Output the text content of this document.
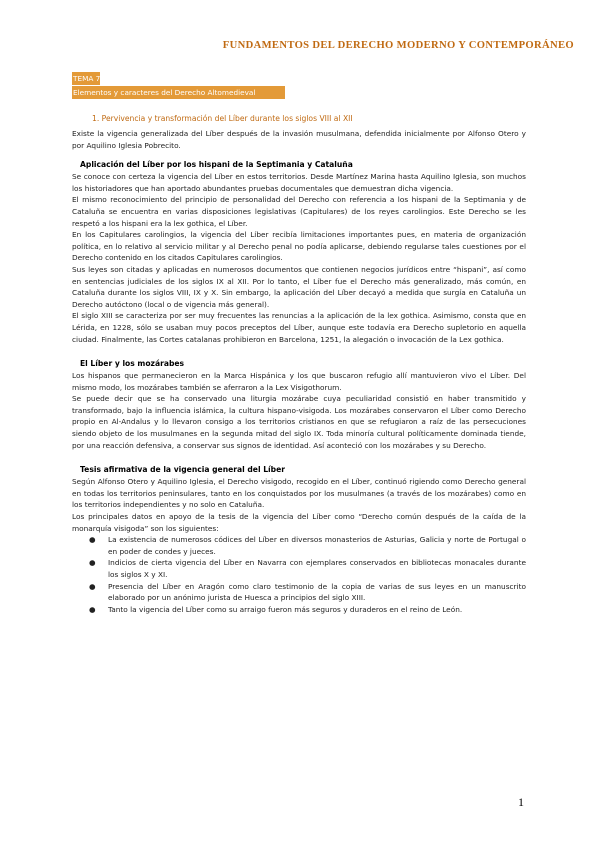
FUNDAMENTOS DEL DERECHO MODERNO Y CONTEMPORÁNEO
TEMA 7
Elementos y caracteres del Derecho Altomedieval
1. Pervivencia y transformación del Líber durante los siglos VIII al XII

Existe la vigencia generalizada del Líber después de la invasión musulmana, defendida inicialmente por Alfonso Otero y por Aquilino Iglesia Pobrecito.

Aplicación del Líber por los hispani de la Septimania y Cataluña

Se conoce con certeza la vigencia del Líber en estos territorios. Desde Martínez Marina hasta Aquilino Iglesia, son muchos los historiadores que han aportado abundantes pruebas documentales que demuestran dicha vigencia.

El mismo reconocimiento del principio de personalidad del Derecho con referencia a los hispani de la Septimania y de Cataluña se encuentra en varias disposiciones legislativas (Capitulares) de los reyes carolingios. Este Derecho se les respetó a los hispani era la lex gothica, el Líber.

En los Capitulares carolingios, la vigencia del Líber recibía limitaciones importantes pues, en materia de organización política, en lo relativo al servicio militar y al Derecho penal no podía aplicarse, debiendo regularse tales cuestiones por el Derecho contenido en los citados Capitulares carolingios.

Sus leyes son citadas y aplicadas en numerosos documentos que contienen negocios jurídicos entre “hispani”, así como en sentencias judiciales de los siglos IX al XII. Por lo tanto, el Líber fue el Derecho más generalizado, más común, en Cataluña durante los siglos VIII, IX y X. Sin embargo, la aplicación del Líber decayó a medida que surgía en Cataluña un Derecho autóctono (local o de vigencia más general).

El siglo XIII se caracteriza por ser muy frecuentes las renuncias a la aplicación de la lex gothica. Asimismo, consta que en Lérida, en 1228, sólo se usaban muy pocos preceptos del Líber, aunque este todavía era Derecho supletorio en aquella ciudad. Finalmente, las Cortes catalanas prohibieron en Barcelona, 1251, la alegación o invocación de la Lex gothica.

El Líber y los mozárabes

Los hispanos que permanecieron en la Marca Hispánica y los que buscaron refugio allí mantuvieron vivo el Líber. Del mismo modo, los mozárabes también se aferraron a la Lex Visigothorum.

Se puede decir que se ha conservado una liturgia mozárabe cuya peculiaridad consistió en haber transmitido y transformado, bajo la influencia islámica, la cultura hispano-visigoda. Los mozárabes conservaron el Líber como Derecho propio en Al-Andalus y lo llevaron consigo a los territorios cristianos en que se refugiaron a raíz de las persecuciones siendo objeto de los musulmanes en la segunda mitad del siglo IX. Toda minoría cultural políticamente dominada tiende, por una reacción defensiva, a conservar sus signos de identidad. Así aconteció con los mozárabes y su Derecho.

Tesis afirmativa de la vigencia general del Líber

Según Alfonso Otero y Aquilino Iglesia, el Derecho visigodo, recogido en el Líber, continuó rigiendo como Derecho general en todas los territorios peninsulares, tanto en los conquistados por los musulmanes (a través de los mozárabes) como en los territorios independientes y no solo en Cataluña.

Los principales datos en apoyo de la tesis de la vigencia del Líber como “Derecho común después de la caída de la monarquía visigoda” son los siguientes:

● La existencia de numerosos códices del Líber en diversos monasterios de Asturias, Galicia y norte de Portugal o en poder de condes y jueces.
● Indicios de cierta vigencia del Líber en Navarra con ejemplares conservados en bibliotecas monacales durante los siglos X y XI.
● Presencia del Líber en Aragón como claro testimonio de la copia de varias de sus leyes en un manuscrito elaborado por un anónimo jurista de Huesca a principios del siglo XIII.
● Tanto la vigencia del Líber como su arraigo fueron más seguros y duraderos en el reino de León.
1
